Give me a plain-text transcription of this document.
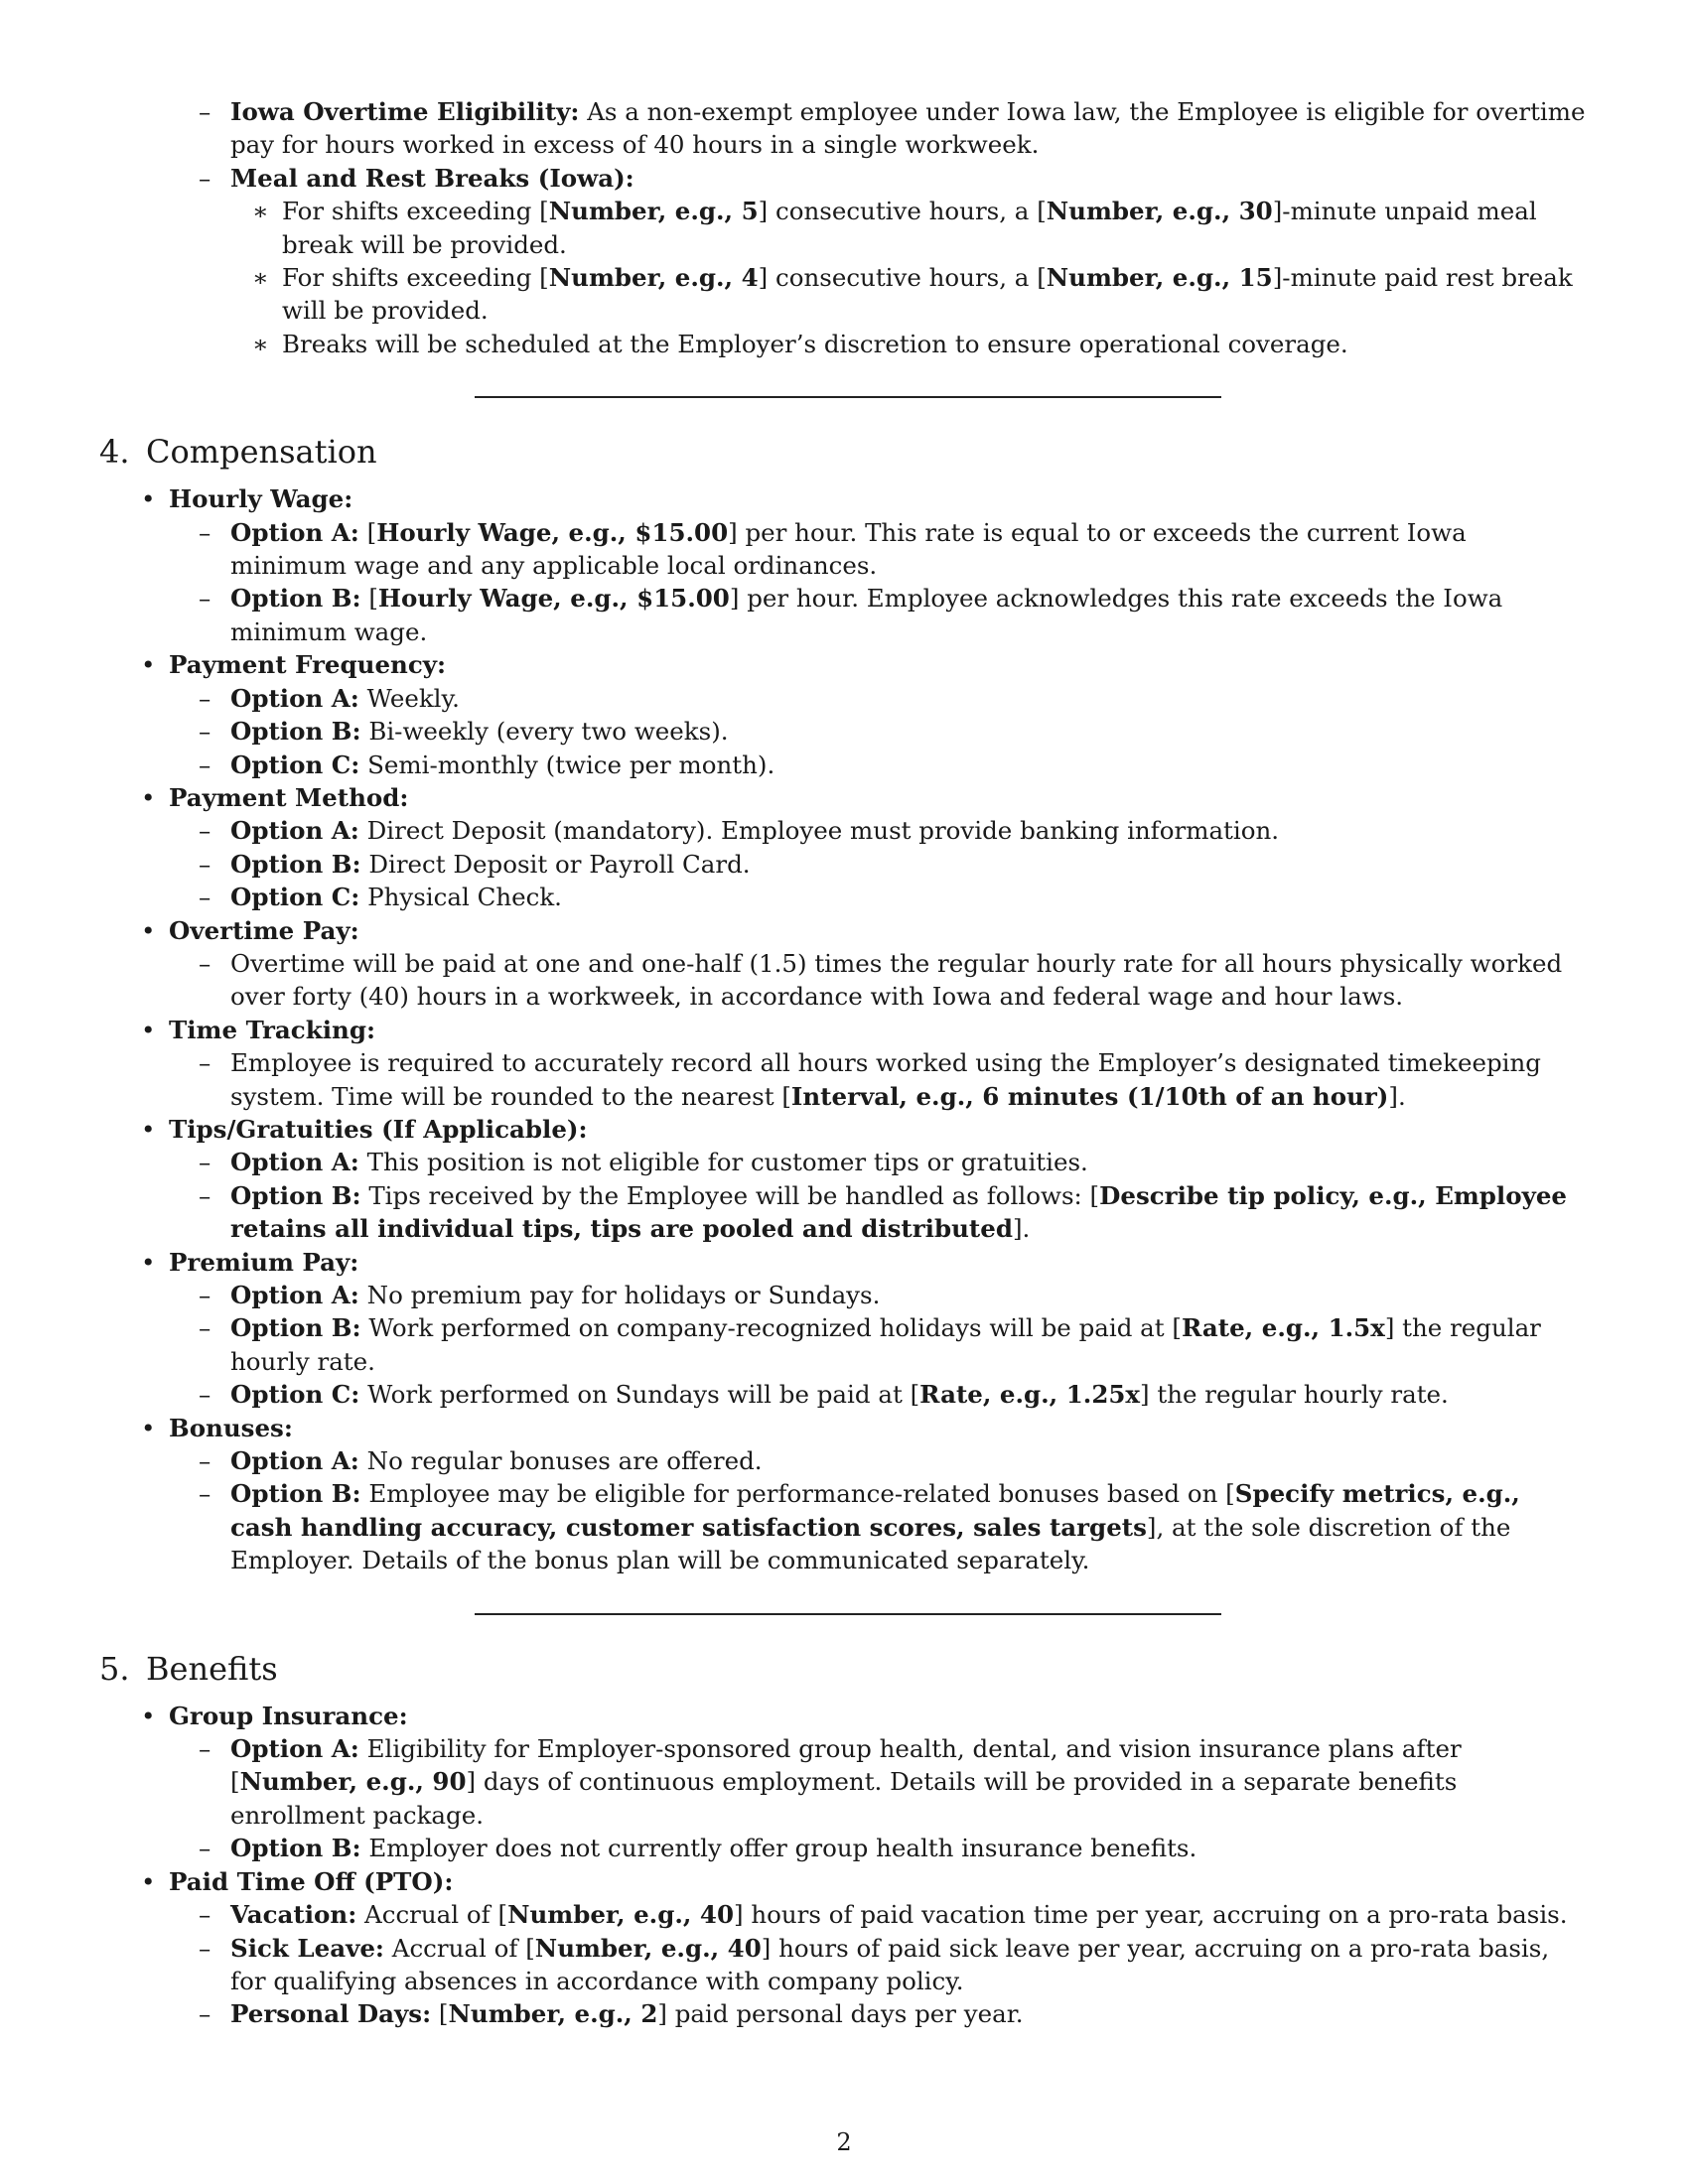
– Iowa Overtime Eligibility: As a non-exempt employee under Iowa law, the Employee is eligible for overtime pay for hours worked in excess of 40 hours in a single workweek.
– Meal and Rest Breaks (Iowa):
∗ For shifts exceeding [Number, e.g., 5] consecutive hours, a [Number, e.g., 30]-minute unpaid meal break will be provided.
∗ For shifts exceeding [Number, e.g., 4] consecutive hours, a [Number, e.g., 15]-minute paid rest break will be provided.
∗ Breaks will be scheduled at the Employer’s discretion to ensure operational coverage.
4. Compensation
• Hourly Wage:
– Option A: [Hourly Wage, e.g., $15.00] per hour. This rate is equal to or exceeds the current Iowa minimum wage and any applicable local ordinances.
– Option B: [Hourly Wage, e.g., $15.00] per hour. Employee acknowledges this rate exceeds the Iowa minimum wage.
• Payment Frequency:
– Option A: Weekly.
– Option B: Bi-weekly (every two weeks).
– Option C: Semi-monthly (twice per month).
• Payment Method:
– Option A: Direct Deposit (mandatory). Employee must provide banking information.
– Option B: Direct Deposit or Payroll Card.
– Option C: Physical Check.
• Overtime Pay:
– Overtime will be paid at one and one-half (1.5) times the regular hourly rate for all hours physically worked over forty (40) hours in a workweek, in accordance with Iowa and federal wage and hour laws.
• Time Tracking:
– Employee is required to accurately record all hours worked using the Employer’s designated timekeeping system. Time will be rounded to the nearest [Interval, e.g., 6 minutes (1/10th of an hour)].
• Tips/Gratuities (If Applicable):
– Option A: This position is not eligible for customer tips or gratuities.
– Option B: Tips received by the Employee will be handled as follows: [Describe tip policy, e.g., Employee retains all individual tips, tips are pooled and distributed].
• Premium Pay:
– Option A: No premium pay for holidays or Sundays.
– Option B: Work performed on company-recognized holidays will be paid at [Rate, e.g., 1.5x] the regular hourly rate.
– Option C: Work performed on Sundays will be paid at [Rate, e.g., 1.25x] the regular hourly rate.
• Bonuses:
– Option A: No regular bonuses are offered.
– Option B: Employee may be eligible for performance-related bonuses based on [Specify metrics, e.g., cash handling accuracy, customer satisfaction scores, sales targets], at the sole discretion of the Employer. Details of the bonus plan will be communicated separately.
5. Benefits
• Group Insurance:
– Option A: Eligibility for Employer-sponsored group health, dental, and vision insurance plans after [Number, e.g., 90] days of continuous employment. Details will be provided in a separate benefits enrollment package.
– Option B: Employer does not currently offer group health insurance benefits.
• Paid Time Off (PTO):
– Vacation: Accrual of [Number, e.g., 40] hours of paid vacation time per year, accruing on a pro-rata basis.
– Sick Leave: Accrual of [Number, e.g., 40] hours of paid sick leave per year, accruing on a pro-rata basis, for qualifying absences in accordance with company policy.
– Personal Days: [Number, e.g., 2] paid personal days per year.
2
